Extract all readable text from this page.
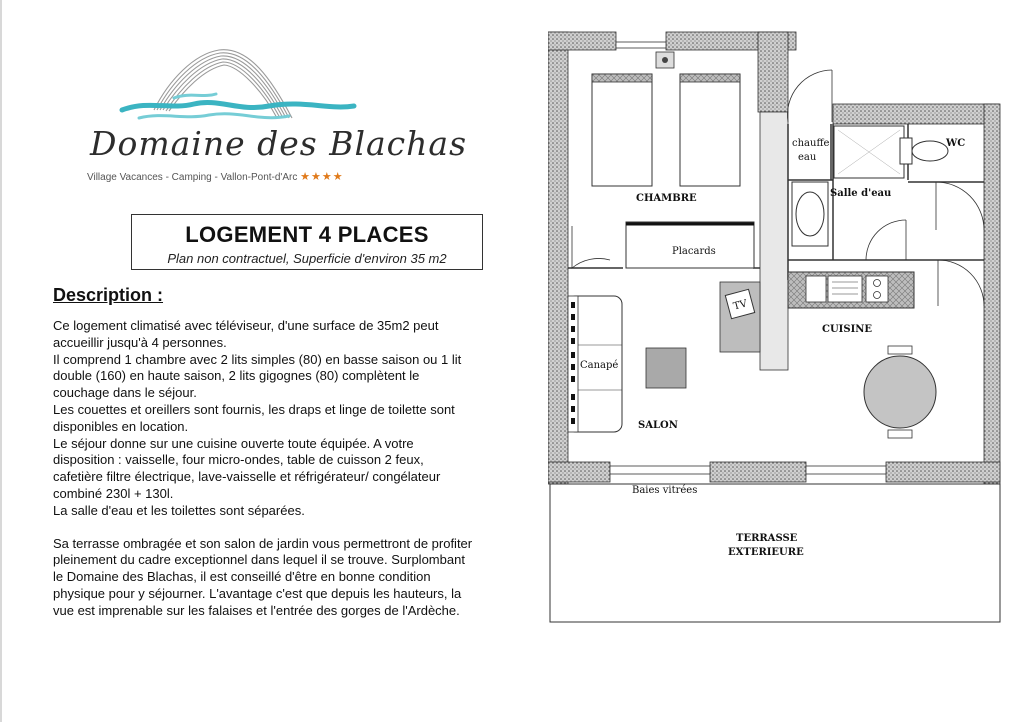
Domaine des Blachas
Village Vacances - Camping - Vallon-Pont-d'Arc ★★★★
LOGEMENT 4 PLACES
Plan non contractuel, Superficie d'environ 35 m2
Description :

Ce logement climatisé avec téléviseur, d'une surface de 35m2 peut accueillir jusqu'à 4 personnes.

Il comprend 1 chambre avec 2 lits simples (80) en basse saison ou 1 lit double (160) en haute saison, 2 lits gigognes (80) complètent le couchage dans le séjour.

Les couettes et oreillers sont fournis, les draps et linge de toilette sont disponibles en location.

Le séjour donne sur une cuisine ouverte toute équipée. A votre disposition : vaisselle, four micro-ondes, table de cuisson 2 feux, cafetière filtre électrique, lave-vaisselle et réfrigérateur/ congélateur combiné 230l + 130l.

La salle d'eau et les toilettes sont séparées.

Sa terrasse ombragée et son salon de jardin vous permettront de profiter pleinement du cadre exceptionnel dans lequel il se trouve. Surplombant le Domaine des Blachas, il est conseillé d'être en bonne condition physique pour y séjourner. L'avantage c'est que depuis les hauteurs, la vue est imprenable sur les falaises et l'entrée des gorges de l'Ardèche.

CHAMBRE
Placards
TV
Canapé
SALON
chauffe
eau
Salle d'eau
WC
CUISINE
Baies vitrées
TERRASSE
EXTERIEURE
